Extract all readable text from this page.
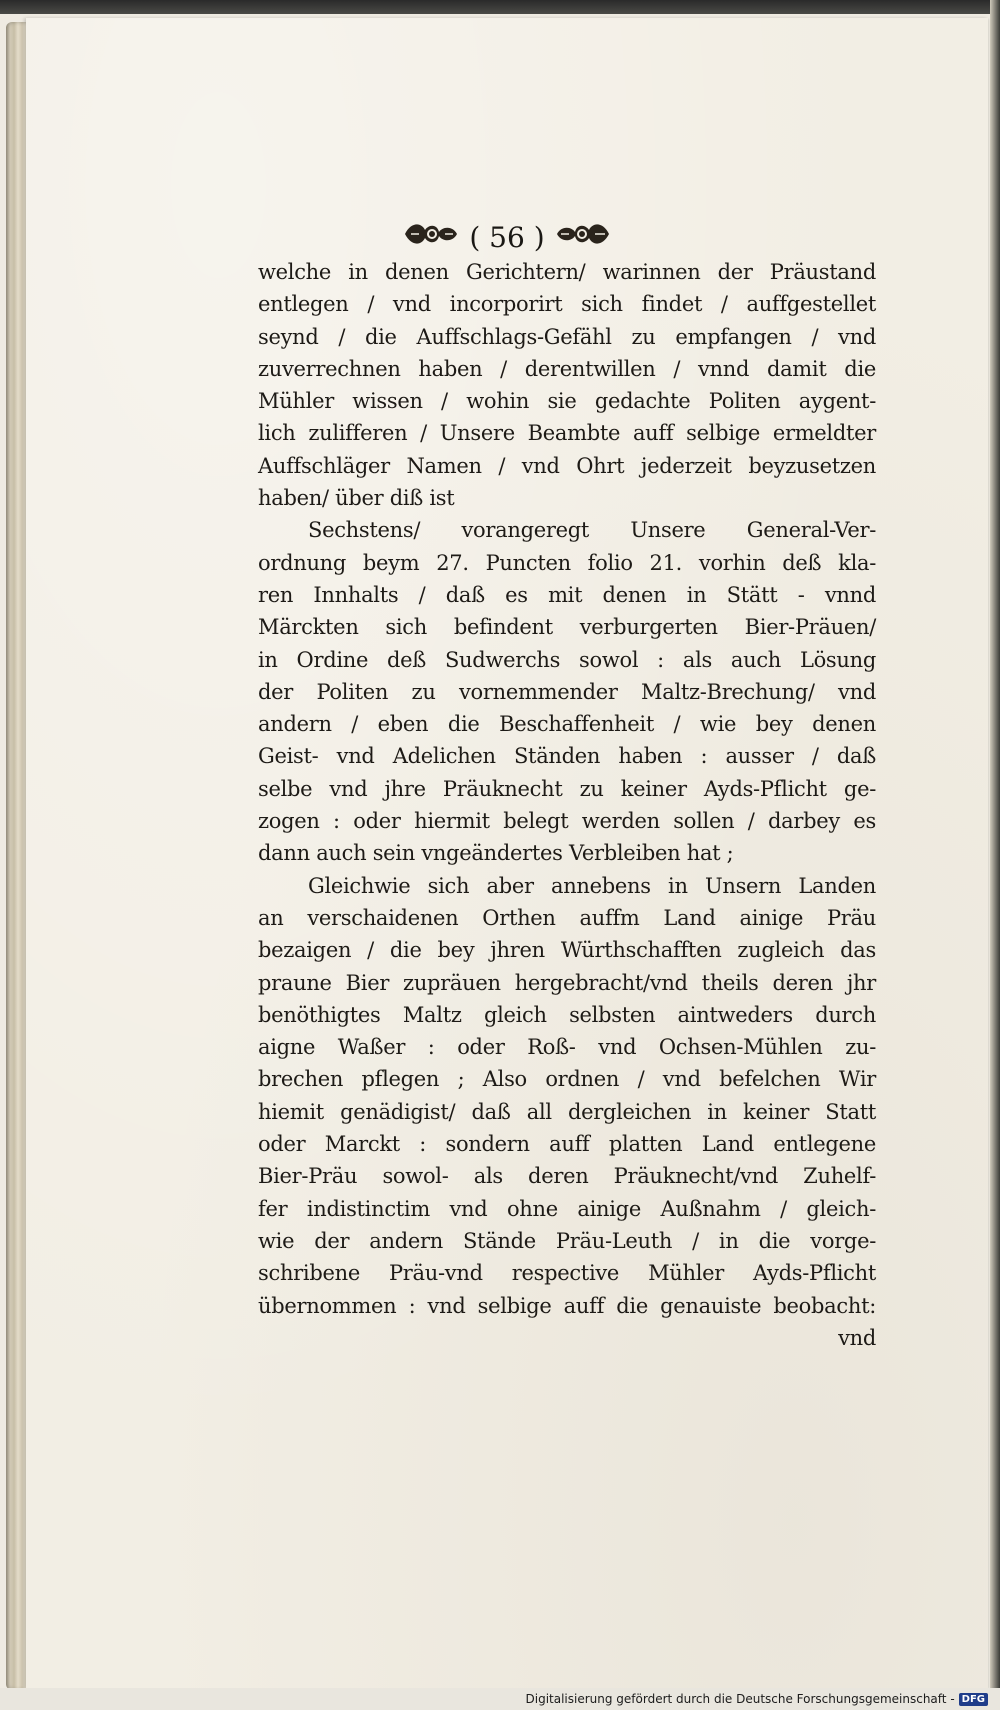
( 56 )
welche in denen Gerichtern/ warinnen der Präustand
entlegen / vnd incorporirt sich findet / auffgestellet
seynd / die Auffschlags-Gefähl zu empfangen / vnd
zuverrechnen haben / derentwillen / vnnd damit die
Mühler wissen / wohin sie gedachte Politen aygent-
lich zulifferen / Unsere Beambte auff selbige ermeldter
Auffschläger Namen / vnd Ohrt jederzeit beyzusetzen
haben/ über diß ist
Sechstens/ vorangeregt Unsere General-Ver-
ordnung beym 27. Puncten folio 21. vorhin deß kla-
ren Innhalts / daß es mit denen in Stätt - vnnd
Märckten sich befindent verburgerten Bier-Präuen/
in Ordine deß Sudwerchs sowol : als auch Lösung
der Politen zu vornemmender Maltz-Brechung/ vnd
andern / eben die Beschaffenheit / wie bey denen
Geist- vnd Adelichen Ständen haben : ausser / daß
selbe vnd jhre Präuknecht zu keiner Ayds-Pflicht ge-
zogen : oder hiermit belegt werden sollen / darbey es
dann auch sein vngeändertes Verbleiben hat ;
Gleichwie sich aber annebens in Unsern Landen
an verschaidenen Orthen auffm Land ainige Präu
bezaigen / die bey jhren Würthschafften zugleich das
praune Bier zupräuen hergebracht/vnd theils deren jhr
benöthigtes Maltz gleich selbsten aintweders durch
aigne Waßer : oder Roß- vnd Ochsen-Mühlen zu-
brechen pflegen ; Also ordnen / vnd befelchen Wir
hiemit genädigist/ daß all dergleichen in keiner Statt
oder Marckt : sondern auff platten Land entlegene
Bier-Präu sowol- als deren Präuknecht/vnd Zuhelf-
fer indistinctim vnd ohne ainige Außnahm / gleich-
wie der andern Stände Präu-Leuth / in die vorge-
schribene Präu-vnd respective Mühler Ayds-Pflicht
übernommen : vnd selbige auff die genauiste beobacht:
vnd
Digitalisierung gefördert durch die Deutsche Forschungsgemeinschaft - DFG
